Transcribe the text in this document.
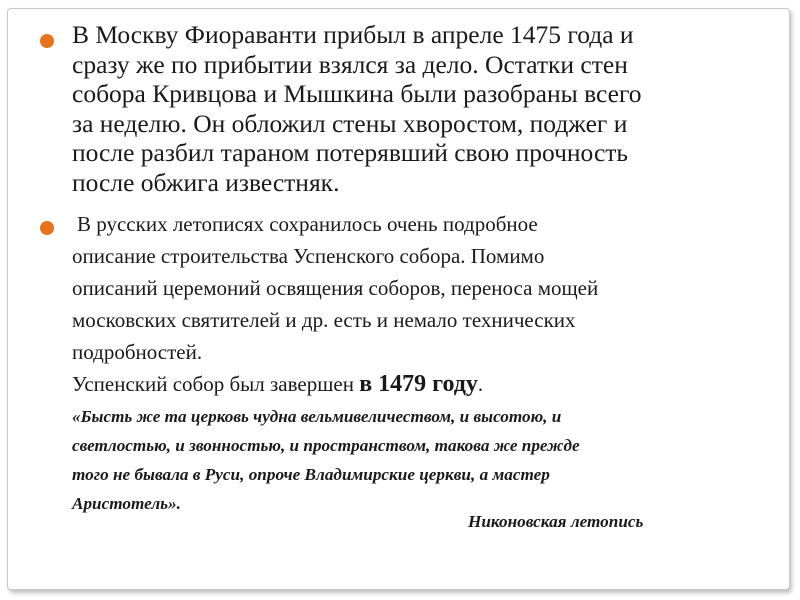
В Москву Фиораванти прибыл в апреле 1475 года и
сразу же по прибытии взялся за дело. Остатки стен
собора Кривцова и Мышкина были разобраны всего
за неделю. Он обложил стены хворостом, поджег и
после разбил тараном потерявший свою прочность
после обжига известняк.
В русских летописях сохранилось очень подробное
описание строительства Успенского собора. Помимо
описаний церемоний освящения соборов, переноса мощей
московских святителей и др. есть и немало технических
подробностей.
Успенский собор был завершен в 1479 году.
«Бысть же та церковь чудна вельмивеличеством, и высотою, и
светлостью, и звонностью, и пространством, такова же прежде
того не бывала в Руси, опроче Владимирские церкви, а мастер
Аристотель».
Никоновская летопись
